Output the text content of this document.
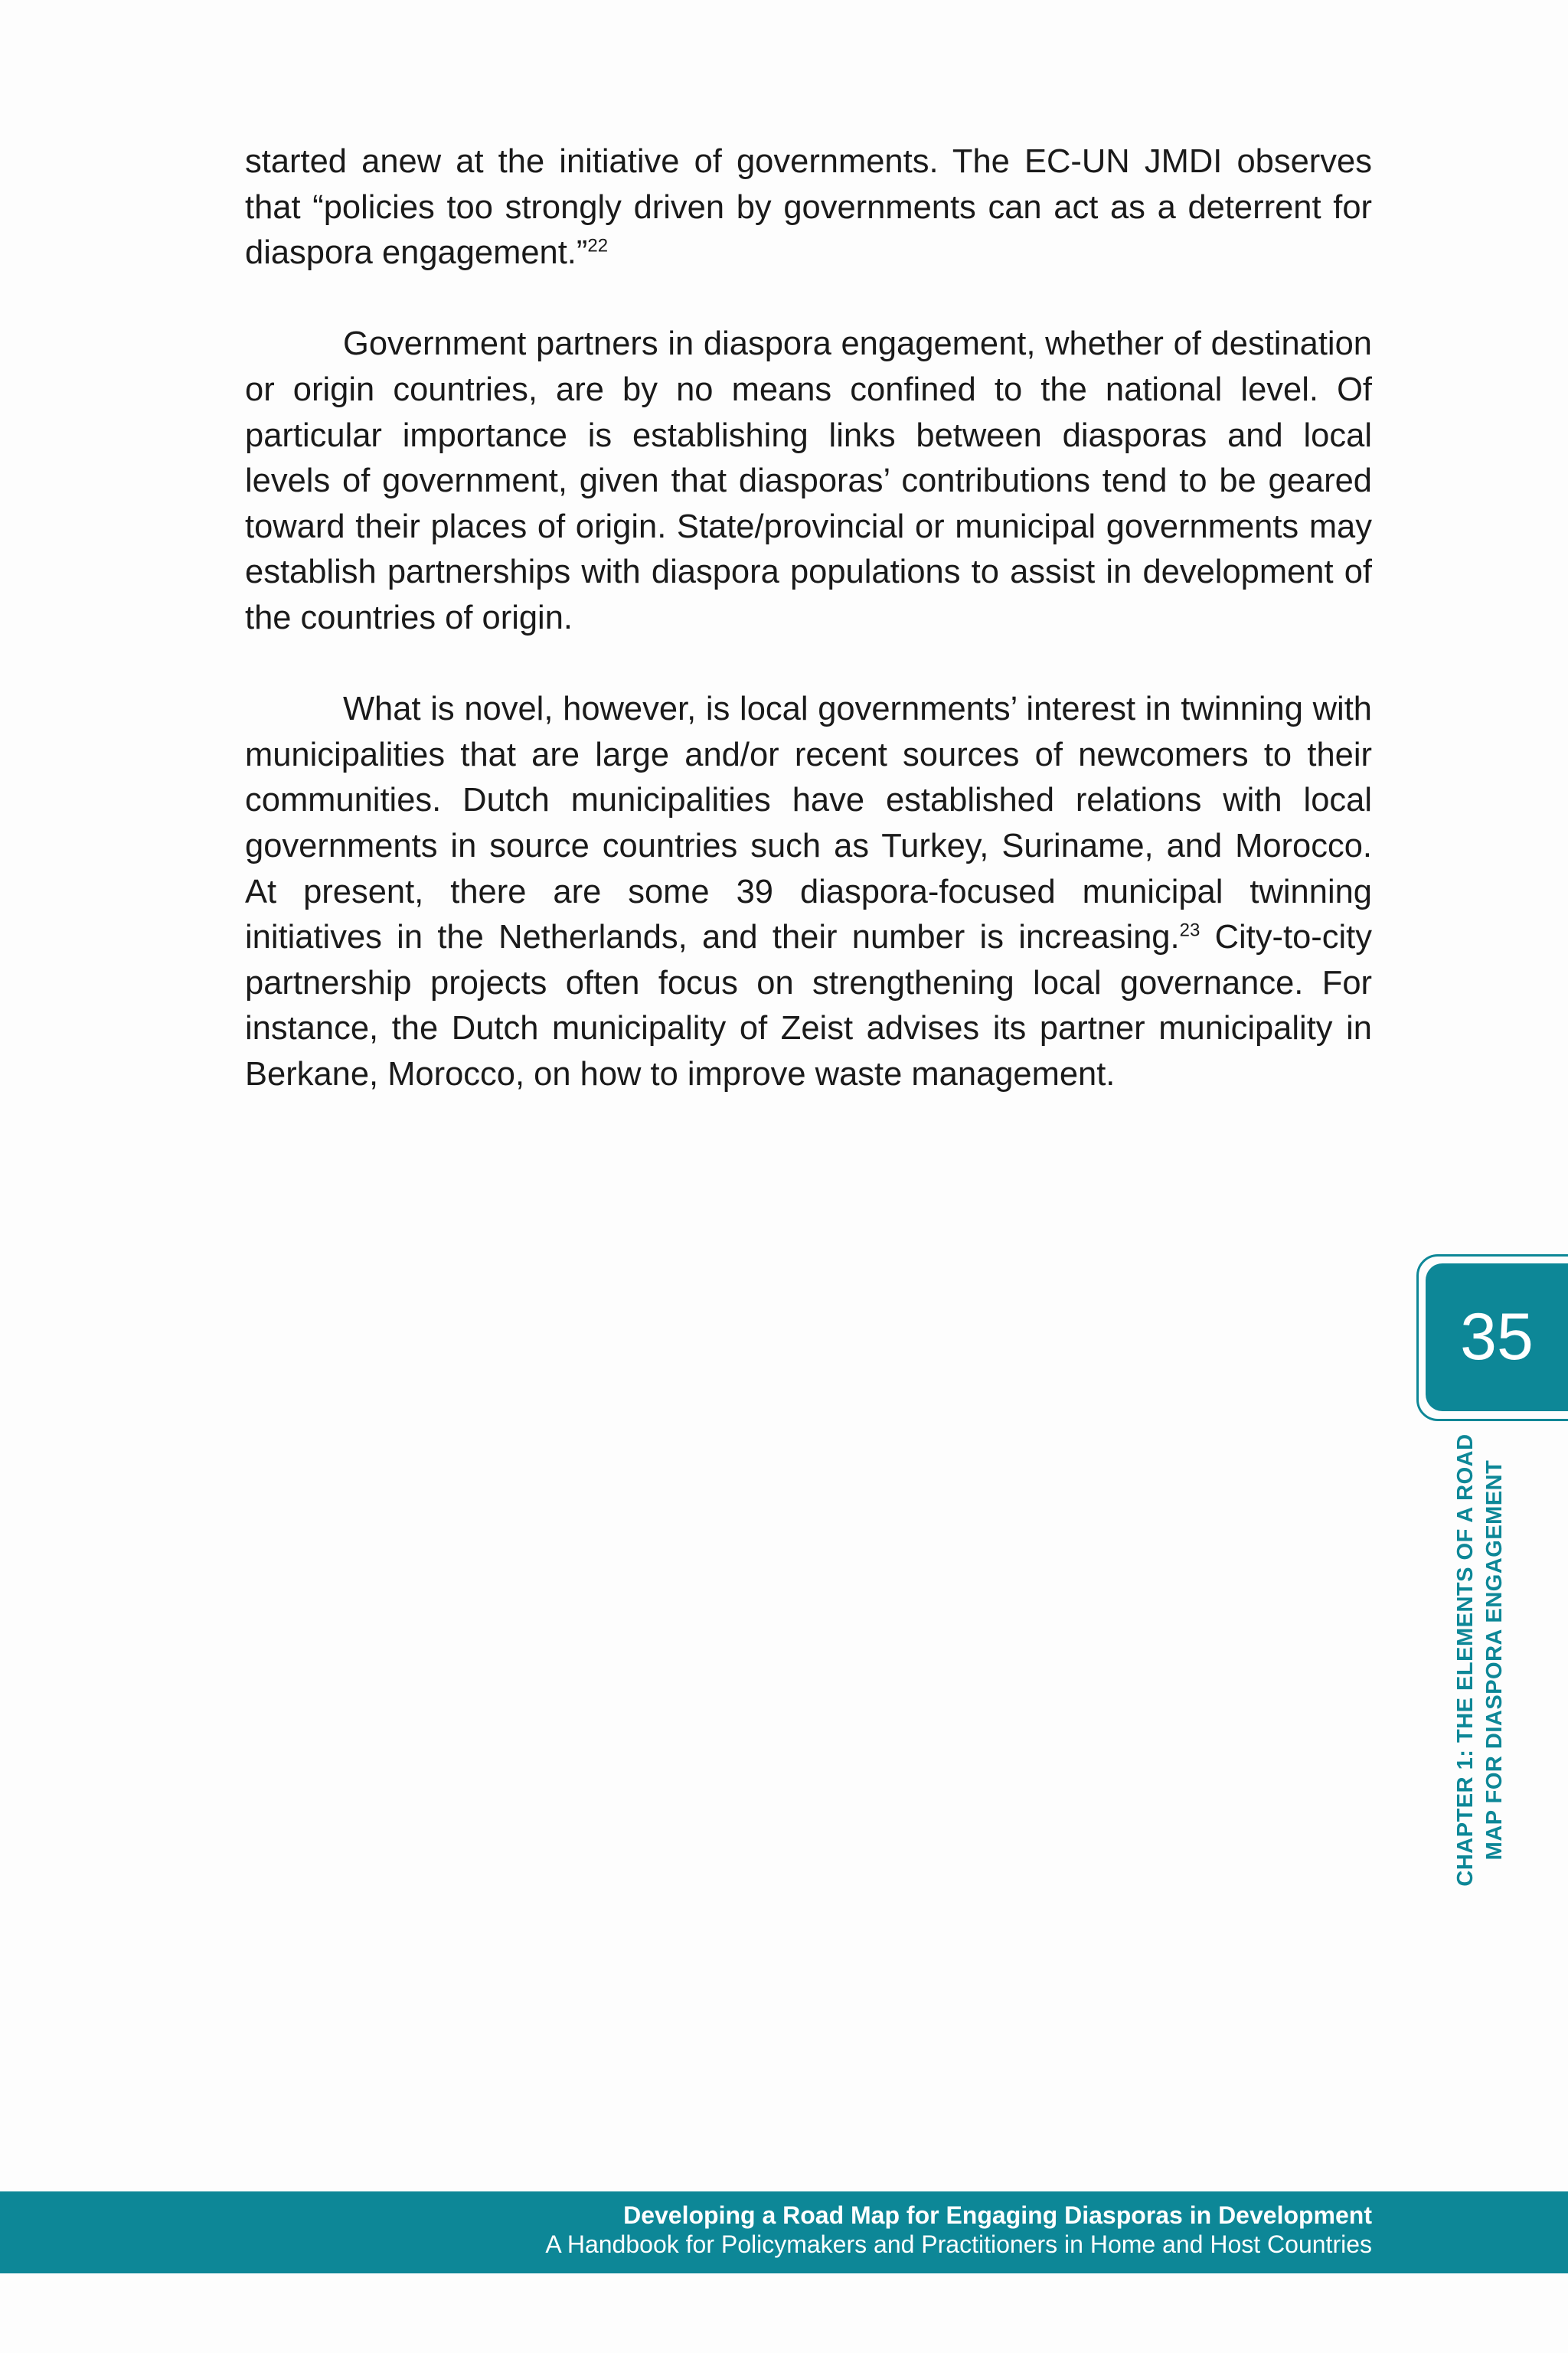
started anew at the initiative of governments. The EC-UN JMDI observes that “policies too strongly driven by governments can act as a deterrent for diaspora engagement.”$^{22}$

Government partners in diaspora engagement, whether of destination or origin countries, are by no means confined to the national level. Of particular importance is establishing links between diasporas and local levels of government, given that diasporas’ contributions tend to be geared toward their places of origin. State/provincial or municipal governments may establish partnerships with diaspora populations to assist in development of the countries of origin.

What is novel, however, is local governments’ interest in twinning with municipalities that are large and/or recent sources of newcomers to their communities. Dutch municipalities have established relations with local governments in source countries such as Turkey, Suriname, and Morocco. At present, there are some 39 diaspora-focused municipal twinning initiatives in the Netherlands, and their number is increasing.$^{23}$ City-to-city partnership projects often focus on strengthening local governance. For instance, the Dutch municipality of Zeist advises its partner municipality in Berkane, Morocco, on how to improve waste management.

35
CHAPTER 1: THE ELEMENTS OF A ROAD MAP FOR DIASPORA ENGAGEMENT
Developing a Road Map for Engaging Diasporas in Development
A Handbook for Policymakers and Practitioners in Home and Host Countries
